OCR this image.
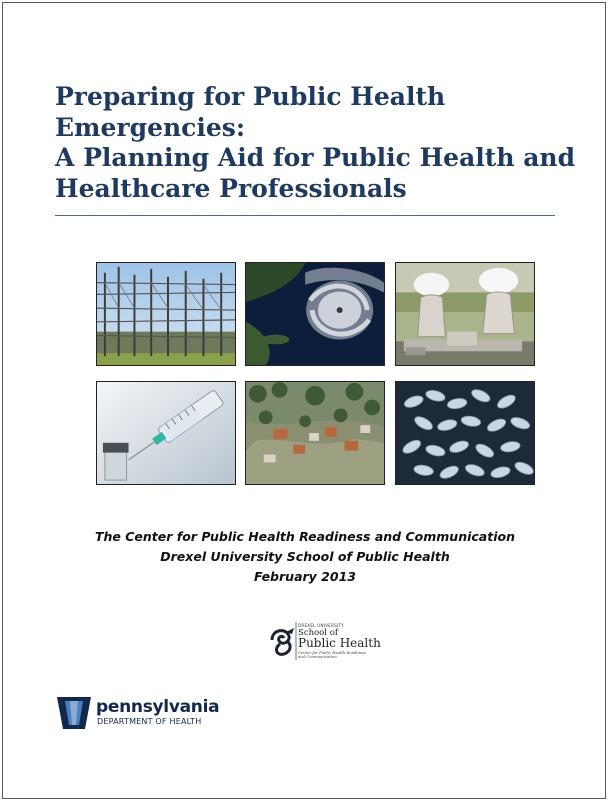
Preparing for Public Health
Emergencies:
A Planning Aid for Public Health and
Healthcare Professionals
The Center for Public Health Readiness and Communication
Drexel University School of Public Health
February 2013
DREXEL UNIVERSITY
School of
Public Health
Center for Public Health Readiness and Communication
pennsylvania
DEPARTMENT OF HEALTH
